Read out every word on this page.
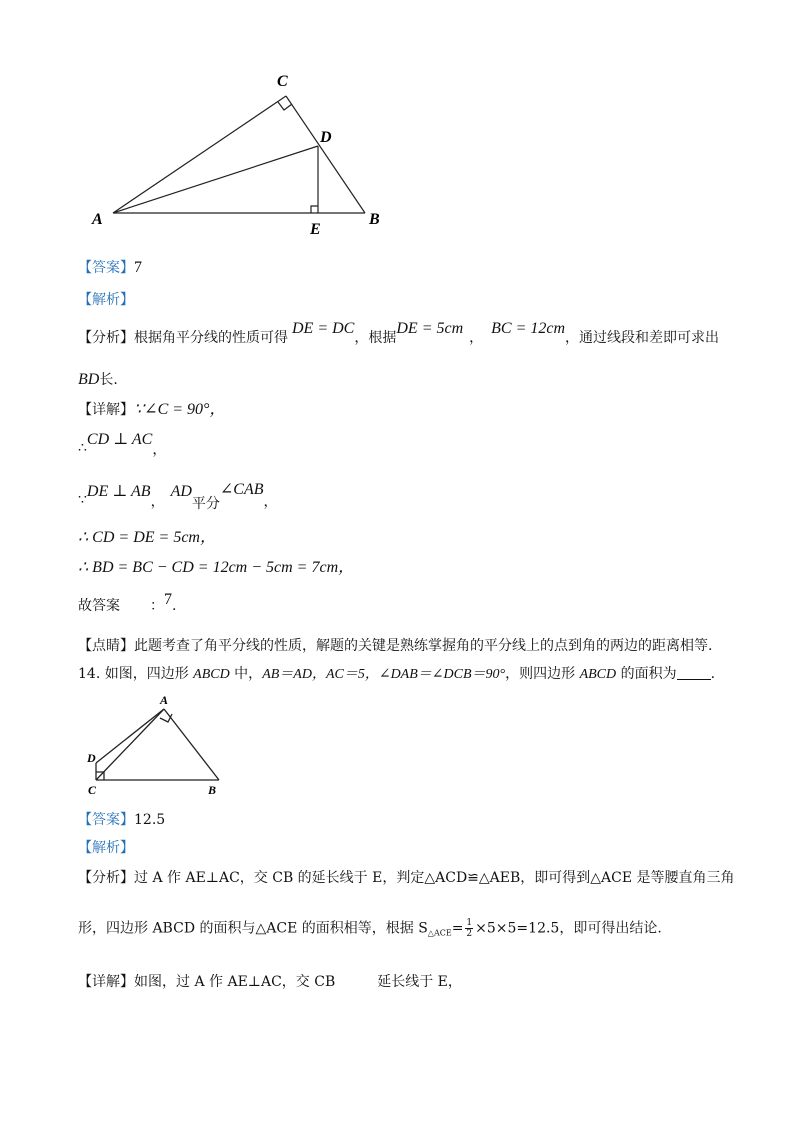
C
D
A
E
B
【答案】7
【解析】
【分析】根据角平分线的性质可得DE = DC，根据DE = 5cm，BC = 12cm，通过线段和差即可求出
BD长.
【详解】∵∠C = 90°，
∴CD ⊥ AC，
∵DE ⊥ AB，AD平分∠CAB，
∴ CD = DE = 5cm，
∴ BD = BC − CD = 12cm − 5cm = 7cm，
故答案 ：7.
【点睛】此题考查了角平分线的性质，解题的关键是熟练掌握角的平分线上的点到角的两边的距离相等.
14. 如图，四边形 ABCD 中，AB＝AD，AC＝5，∠DAB＝∠DCB＝90°，则四边形 ABCD 的面积为 .
A
D
C	B
【答案】12.5
【解析】
【分析】过 A 作 AE⊥AC，交 CB 的延长线于 E，判定△ACD≌△AEB，即可得到△ACE 是等腰直角三角
形，四边形 ABCD 的面积与△ACE 的面积相等，根据 $S_{\triangle ACE}= \frac{1}{2} \times 5\times 5=12.5$，即可得出结论.
【详解】如图，过 A 作 AE⊥AC，交 CB	延长线于 E，
